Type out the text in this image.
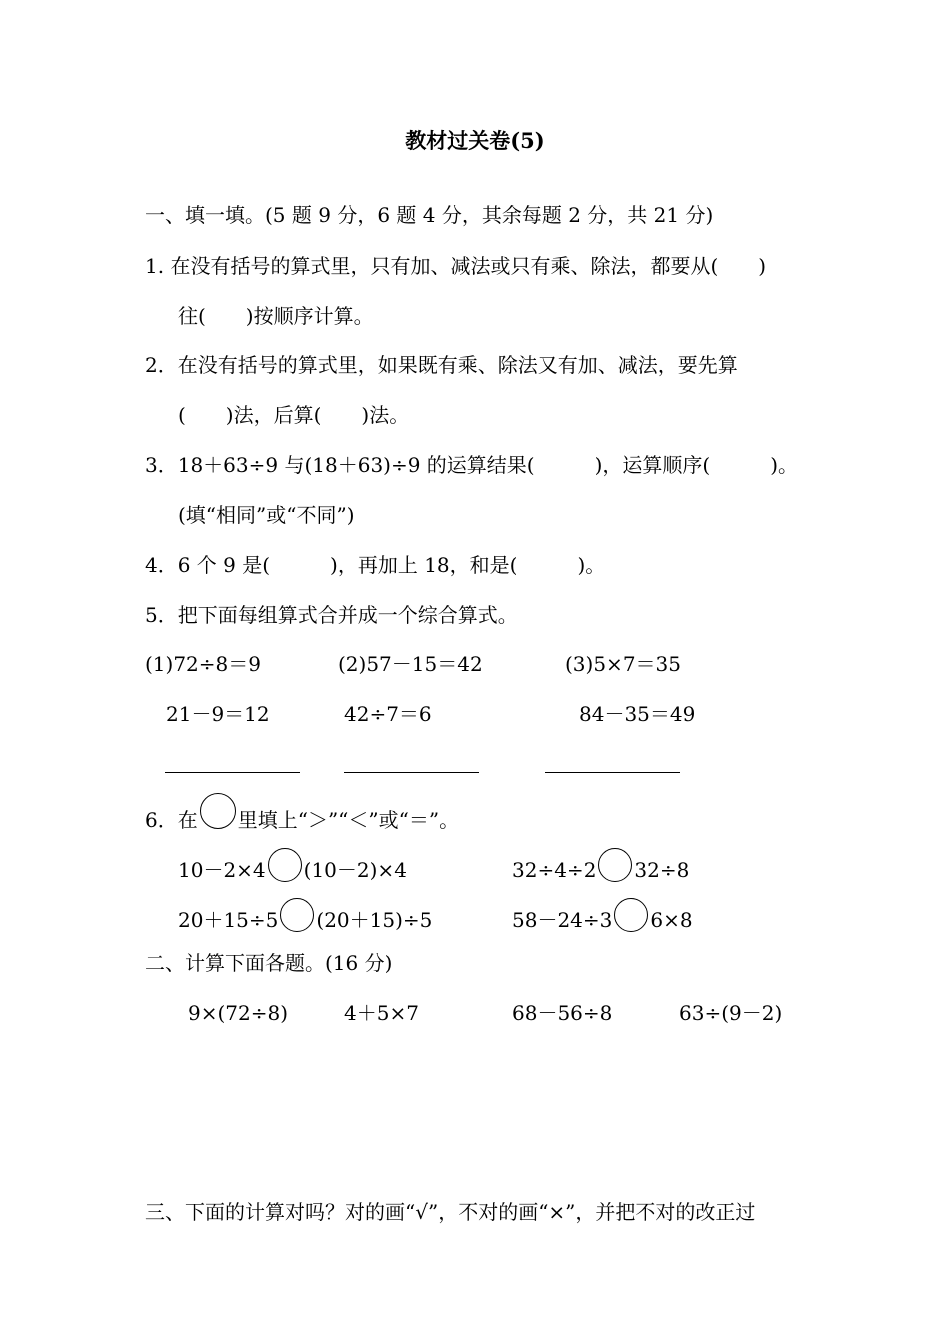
教材过关卷(5)
一、填一填。(5 题 9 分，6 题 4 分，其余每题 2 分，共 21 分)
1. 在没有括号的算式里，只有加、减法或只有乘、除法，都要从(　　)
往(　　)按顺序计算。
2．在没有括号的算式里，如果既有乘、除法又有加、减法，要先算
(　　)法，后算(　　)法。
3．18＋63÷9 与(18＋63)÷9 的运算结果(　　　)，运算顺序(　　　)。
(填“相同”或“不同”)
4．6 个 9 是(　　　)，再加上 18，和是(　　　)。
5．把下面每组算式合并成一个综合算式。
(1)72÷8＝9	(2)57－15＝42	(3)5×7＝35
21－9＝12	42÷7＝6	84－35＝49
6．在 里填上“＞”“＜”或“＝”。
10－2×4 (10－2)×4	32÷4÷2 32÷8
20＋15÷5 (20＋15)÷5	58－24÷3 6×8
二、计算下面各题。(16 分)
9×(72÷8)	4＋5×7	68－56÷8	63÷(9－2)
三、下面的计算对吗？对的画“√”，不对的画“×”，并把不对的改正过
